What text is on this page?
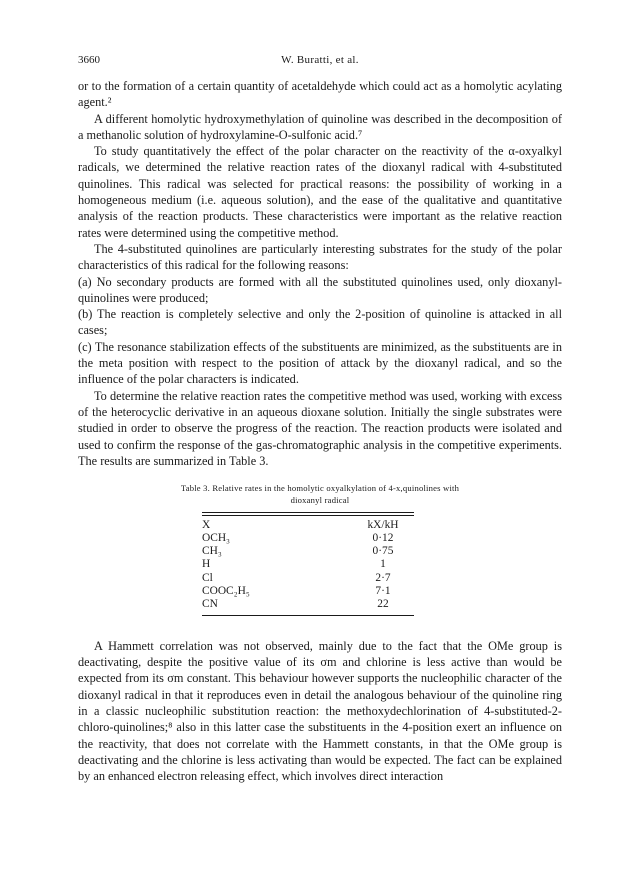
3660	W. Buratti, et al.

or to the formation of a certain quantity of acetaldehyde which could act as a homolytic acylating agent.²

A different homolytic hydroxymethylation of quinoline was described in the decomposition of a methanolic solution of hydroxylamine-O-sulfonic acid.⁷

To study quantitatively the effect of the polar character on the reactivity of the α-oxyalkyl radicals, we determined the relative reaction rates of the dioxanyl radical with 4-substituted quinolines. This radical was selected for practical reasons: the possibility of working in a homogeneous medium (i.e. aqueous solution), and the ease of the qualitative and quantitative analysis of the reaction products. These characteristics were important as the relative reaction rates were determined using the competitive method.

The 4-substituted quinolines are particularly interesting substrates for the study of the polar characteristics of this radical for the following reasons:

(a) No secondary products are formed with all the substituted quinolines used, only dioxanyl-quinolines were produced;

(b) The reaction is completely selective and only the 2-position of quinoline is attacked in all cases;

(c) The resonance stabilization effects of the substituents are minimized, as the substituents are in the meta position with respect to the position of attack by the dioxanyl radical, and so the influence of the polar characters is indicated.

To determine the relative reaction rates the competitive method was used, working with excess of the heterocyclic derivative in an aqueous dioxane solution. Initially the single substrates were studied in order to observe the progress of the reaction. The reaction products were isolated and used to confirm the response of the gas-chromatographic analysis in the competitive experiments. The results are summarized in Table 3.

Table 3. Relative rates in the homolytic oxyalkylation of 4-x,quinolines with
dioxanyl radical
X	kX/kH
OCH₃	0·12
CH₃	0·75
H	1
Cl	2·7
COOC₂H₅	7·1
CN	22

A Hammett correlation was not observed, mainly due to the fact that the OMe group is deactivating, despite the positive value of its σm and chlorine is less active than would be expected from its σm constant. This behaviour however supports the nucleophilic character of the dioxanyl radical in that it reproduces even in detail the analogous behaviour of the quinoline ring in a classic nucleophilic substitution reaction: the methoxydechlorination of 4-substituted-2-chloro-quinolines;⁸ also in this latter case the substituents in the 4-position exert an influence on the reactivity, that does not correlate with the Hammett constants, in that the OMe group is deactivating and the chlorine is less activating than would be expected. The fact can be explained by an enhanced electron releasing effect, which involves direct interaction
